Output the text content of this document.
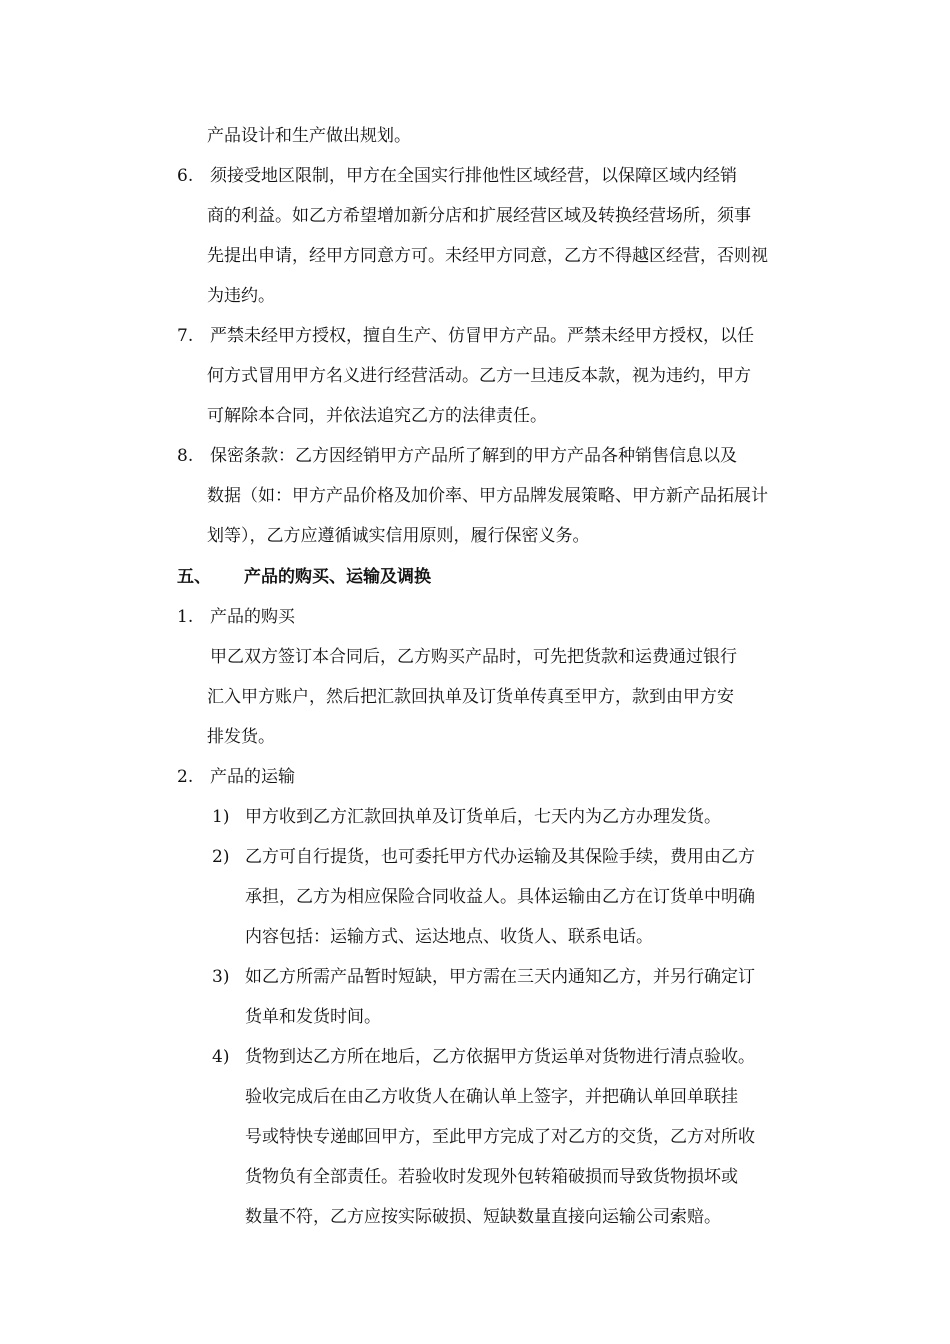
产品设计和生产做出规划。
6. 须接受地区限制，甲方在全国实行排他性区域经营，以保障区域内经销
商的利益。如乙方希望增加新分店和扩展经营区域及转换经营场所，须事
先提出申请，经甲方同意方可。未经甲方同意，乙方不得越区经营，否则视
为违约。
7. 严禁未经甲方授权，擅自生产、仿冒甲方产品。严禁未经甲方授权，以任
何方式冒用甲方名义进行经营活动。乙方一旦违反本款，视为违约，甲方
可解除本合同，并依法追究乙方的法律责任。
8. 保密条款：乙方因经销甲方产品所了解到的甲方产品各种销售信息以及
数据（如：甲方产品价格及加价率、甲方品牌发展策略、甲方新产品拓展计
划等），乙方应遵循诚实信用原则，履行保密义务。
五、 产品的购买、运输及调换
1. 产品的购买
甲乙双方签订本合同后，乙方购买产品时，可先把货款和运费通过银行
汇入甲方账户，然后把汇款回执单及订货单传真至甲方，款到由甲方安
排发货。
2. 产品的运输
1) 甲方收到乙方汇款回执单及订货单后，七天内为乙方办理发货。
2) 乙方可自行提货，也可委托甲方代办运输及其保险手续，费用由乙方
承担，乙方为相应保险合同收益人。具体运输由乙方在订货单中明确
内容包括：运输方式、运达地点、收货人、联系电话。
3) 如乙方所需产品暂时短缺，甲方需在三天内通知乙方，并另行确定订
货单和发货时间。
4) 货物到达乙方所在地后，乙方依据甲方货运单对货物进行清点验收。
验收完成后在由乙方收货人在确认单上签字，并把确认单回单联挂
号或特快专递邮回甲方，至此甲方完成了对乙方的交货，乙方对所收
货物负有全部责任。若验收时发现外包转箱破损而导致货物损坏或
数量不符，乙方应按实际破损、短缺数量直接向运输公司索赔。
